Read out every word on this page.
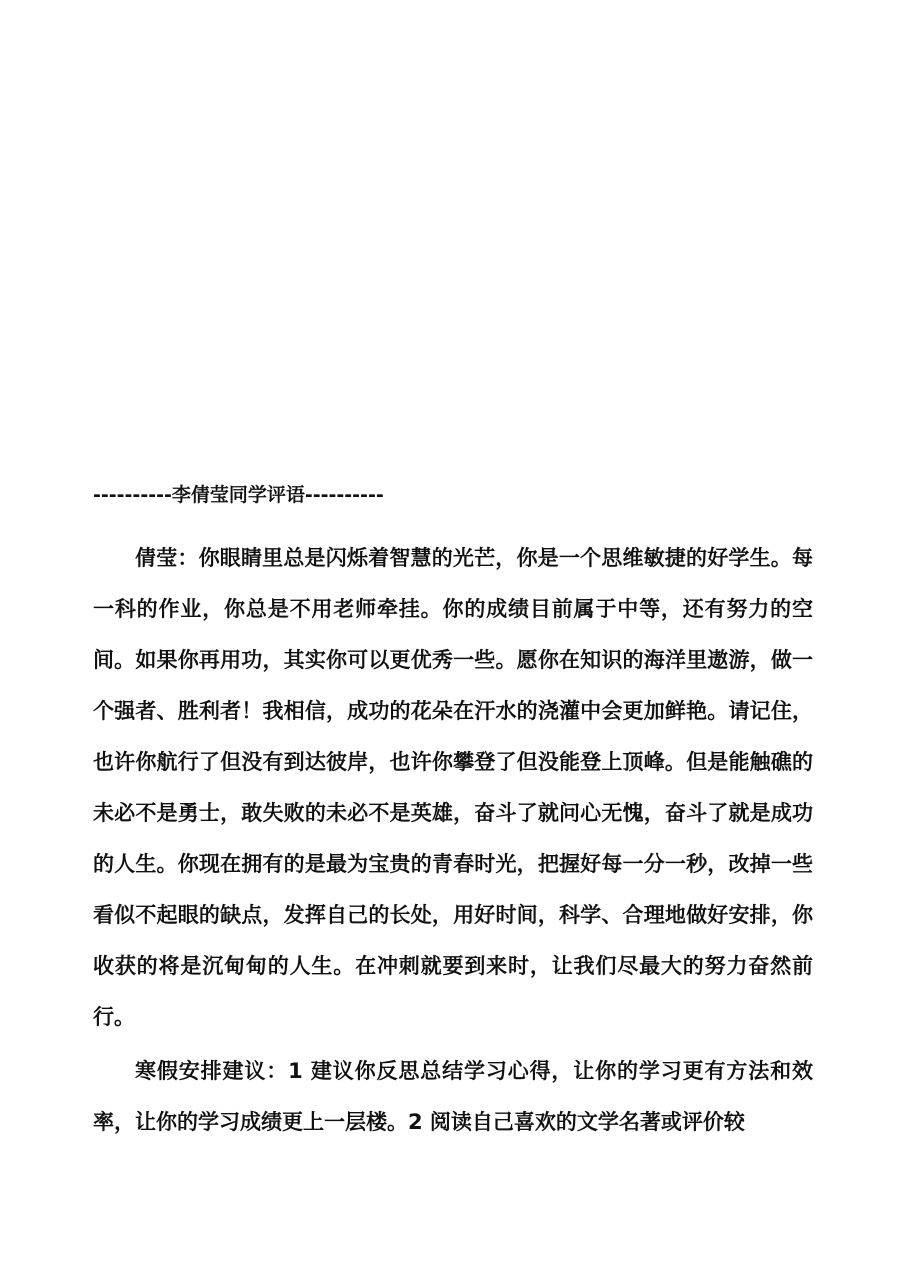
----------李倩莹同学评语----------

倩莹：你眼睛里总是闪烁着智慧的光芒，你是一个思维敏捷的好学生。每一科的作业，你总是不用老师牵挂。你的成绩目前属于中等，还有努力的空间。如果你再用功，其实你可以更优秀一些。愿你在知识的海洋里遨游，做一个强者、胜利者！我相信，成功的花朵在汗水的浇灌中会更加鲜艳。请记住，也许你航行了但没有到达彼岸，也许你攀登了但没能登上顶峰。但是能触礁的未必不是勇士，敢失败的未必不是英雄，奋斗了就问心无愧，奋斗了就是成功的人生。你现在拥有的是最为宝贵的青春时光，把握好每一分一秒，改掉一些看似不起眼的缺点，发挥自己的长处，用好时间，科学、合理地做好安排，你收获的将是沉甸甸的人生。在冲刺就要到来时，让我们尽最大的努力奋然前行。

寒假安排建议：1 建议你反思总结学习心得，让你的学习更有方法和效率，让你的学习成绩更上一层楼。2 阅读自己喜欢的文学名著或评价较
